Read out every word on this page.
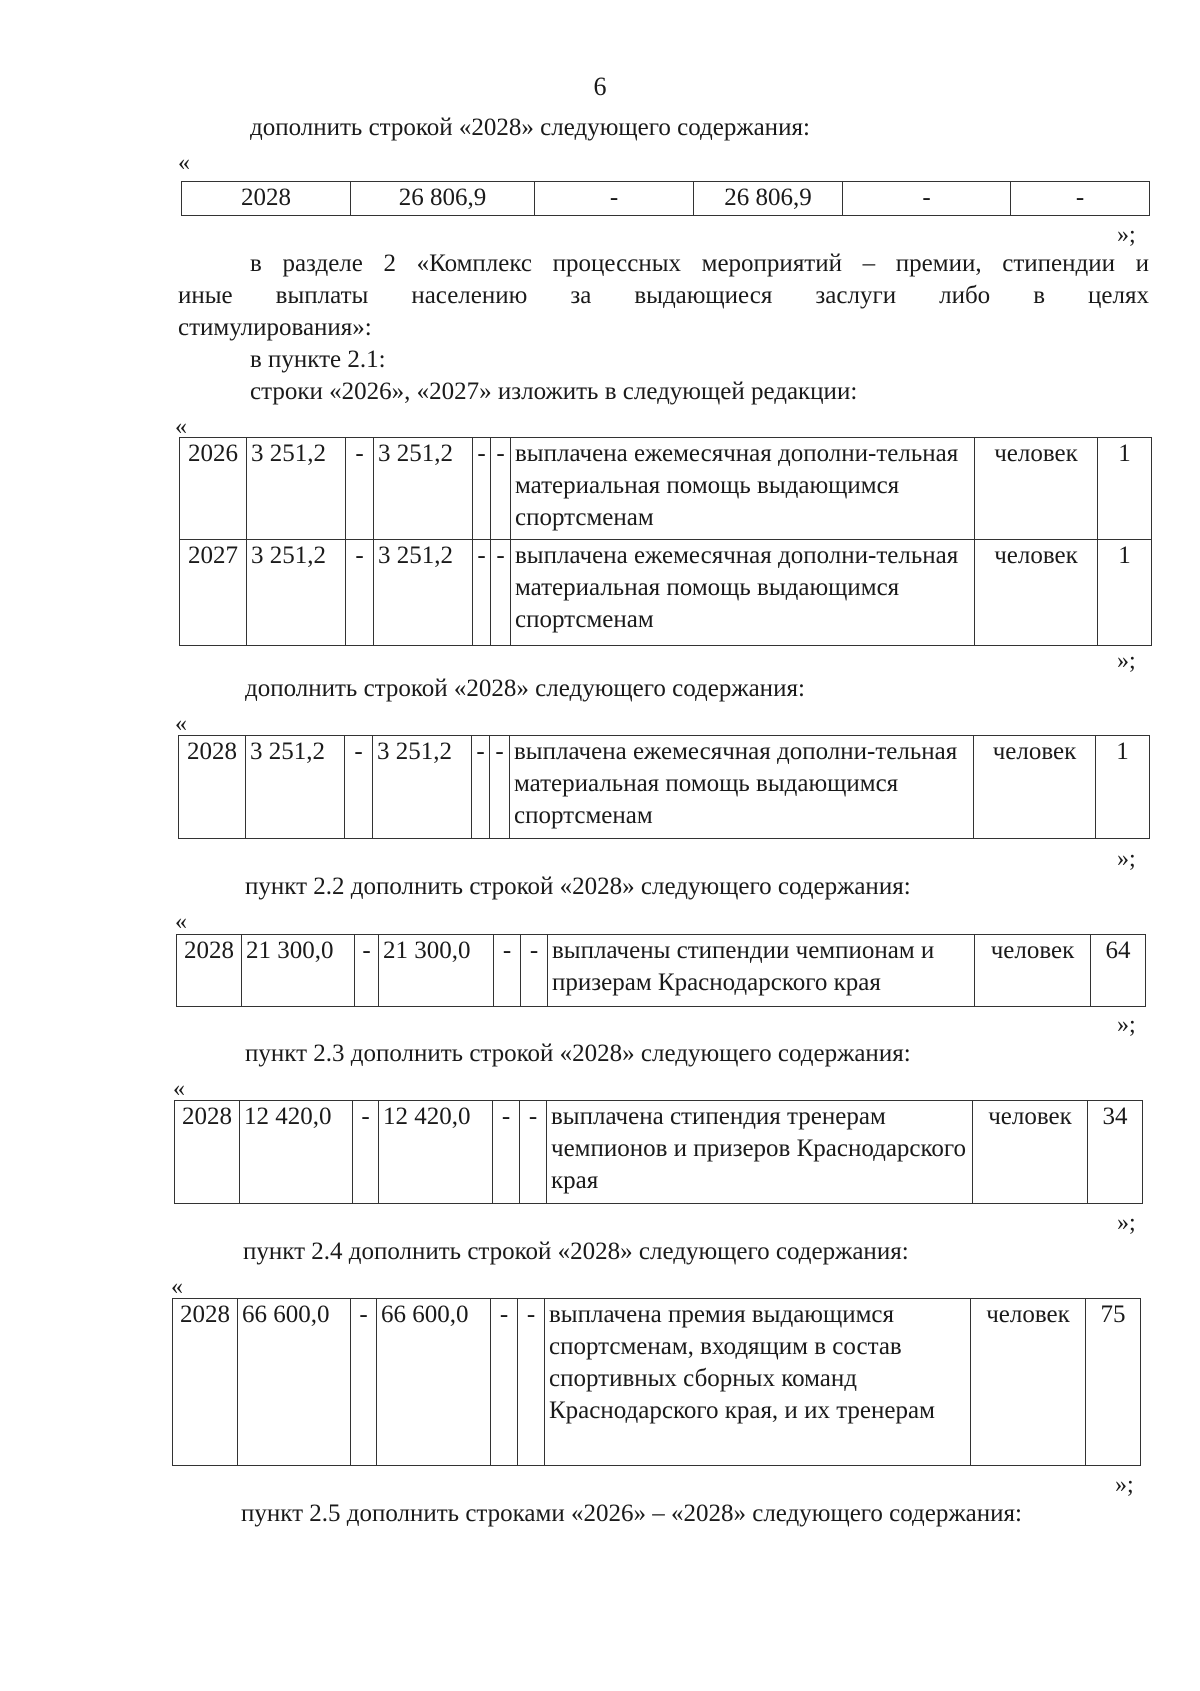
6
дополнить строкой «2028» следующего содержания:
«
2028	26 806,9	-	26 806,9	-	-
»;
в разделе 2 «Комплекс процессных мероприятий – премии, стипендии и
иные выплаты населению за выдающиеся заслуги либо в целях
стимулирования»:
в пункте 2.1:
строки «2026», «2027» изложить в следующей редакции:
«
2026	3 251,2	-	3 251,2	-	-	выплачена ежемесячная дополни-тельная материальная помощь выдающимся спортсменам	человек	1
2027	3 251,2	-	3 251,2	-	-	выплачена ежемесячная дополни-тельная материальная помощь выдающимся спортсменам	человек	1
»;
дополнить строкой «2028» следующего содержания:
«
2028	3 251,2	-	3 251,2	-	-	выплачена ежемесячная дополни-тельная материальная помощь выдающимся спортсменам	человек	1
»;
пункт 2.2 дополнить строкой «2028» следующего содержания:
«
2028	21 300,0	-	21 300,0	-	-	выплачены стипендии чемпионам и призерам Краснодарского края	человек	64
»;
пункт 2.3 дополнить строкой «2028» следующего содержания:
«
2028	12 420,0	-	12 420,0	-	-	выплачена стипендия тренерам чемпионов и призеров Краснодарского края	человек	34
»;
пункт 2.4 дополнить строкой «2028» следующего содержания:
«
2028	66 600,0	-	66 600,0	-	-	выплачена премия выдающимся спортсменам, входящим в состав спортивных сборных команд Краснодарского края, и их тренерам	человек	75
»;
пункт 2.5 дополнить строками «2026» – «2028» следующего содержания:
